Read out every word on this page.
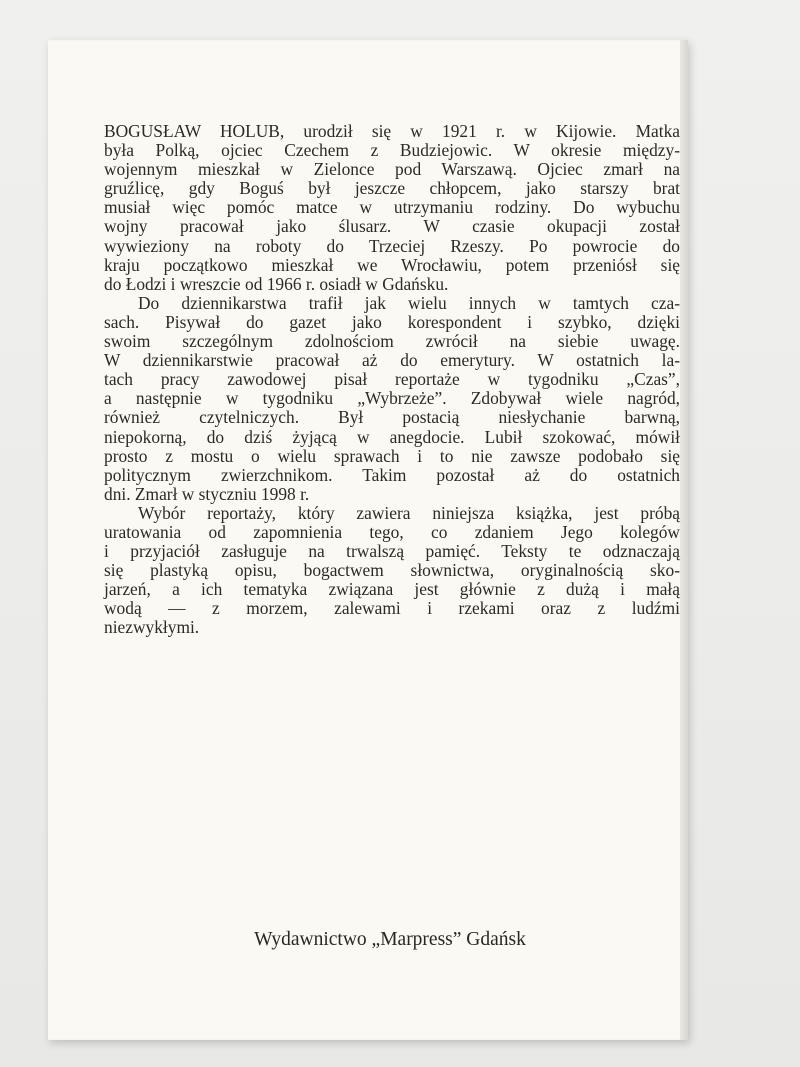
BOGUSŁAW HOLUB, urodził się w 1921 r. w Kijowie. Matka
była Polką, ojciec Czechem z Budziejowic. W okresie między-
wojennym mieszkał w Zielonce pod Warszawą. Ojciec zmarł na
gruźlicę, gdy Boguś był jeszcze chłopcem, jako starszy brat
musiał więc pomóc matce w utrzymaniu rodziny. Do wybuchu
wojny pracował jako ślusarz. W czasie okupacji został
wywieziony na roboty do Trzeciej Rzeszy. Po powrocie do
kraju początkowo mieszkał we Wrocławiu, potem przeniósł się
do Łodzi i wreszcie od 1966 r. osiadł w Gdańsku.
Do dziennikarstwa trafił jak wielu innych w tamtych cza-
sach. Pisywał do gazet jako korespondent i szybko, dzięki
swoim szczególnym zdolnościom zwrócił na siebie uwagę.
W dziennikarstwie pracował aż do emerytury. W ostatnich la-
tach pracy zawodowej pisał reportaże w tygodniku „Czas”,
a następnie w tygodniku „Wybrzeże”. Zdobywał wiele nagród,
również czytelniczych. Był postacią niesłychanie barwną,
niepokorną, do dziś żyjącą w anegdocie. Lubił szokować, mówił
prosto z mostu o wielu sprawach i to nie zawsze podobało się
politycznym zwierzchnikom. Takim pozostał aż do ostatnich
dni. Zmarł w styczniu 1998 r.
Wybór reportaży, który zawiera niniejsza książka, jest próbą
uratowania od zapomnienia tego, co zdaniem Jego kolegów
i przyjaciół zasługuje na trwalszą pamięć. Teksty te odznaczają
się plastyką opisu, bogactwem słownictwa, oryginalnością sko-
jarzeń, a ich tematyka związana jest głównie z dużą i małą
wodą — z morzem, zalewami i rzekami oraz z ludźmi
niezwykłymi.
Wydawnictwo „Marpress” Gdańsk
